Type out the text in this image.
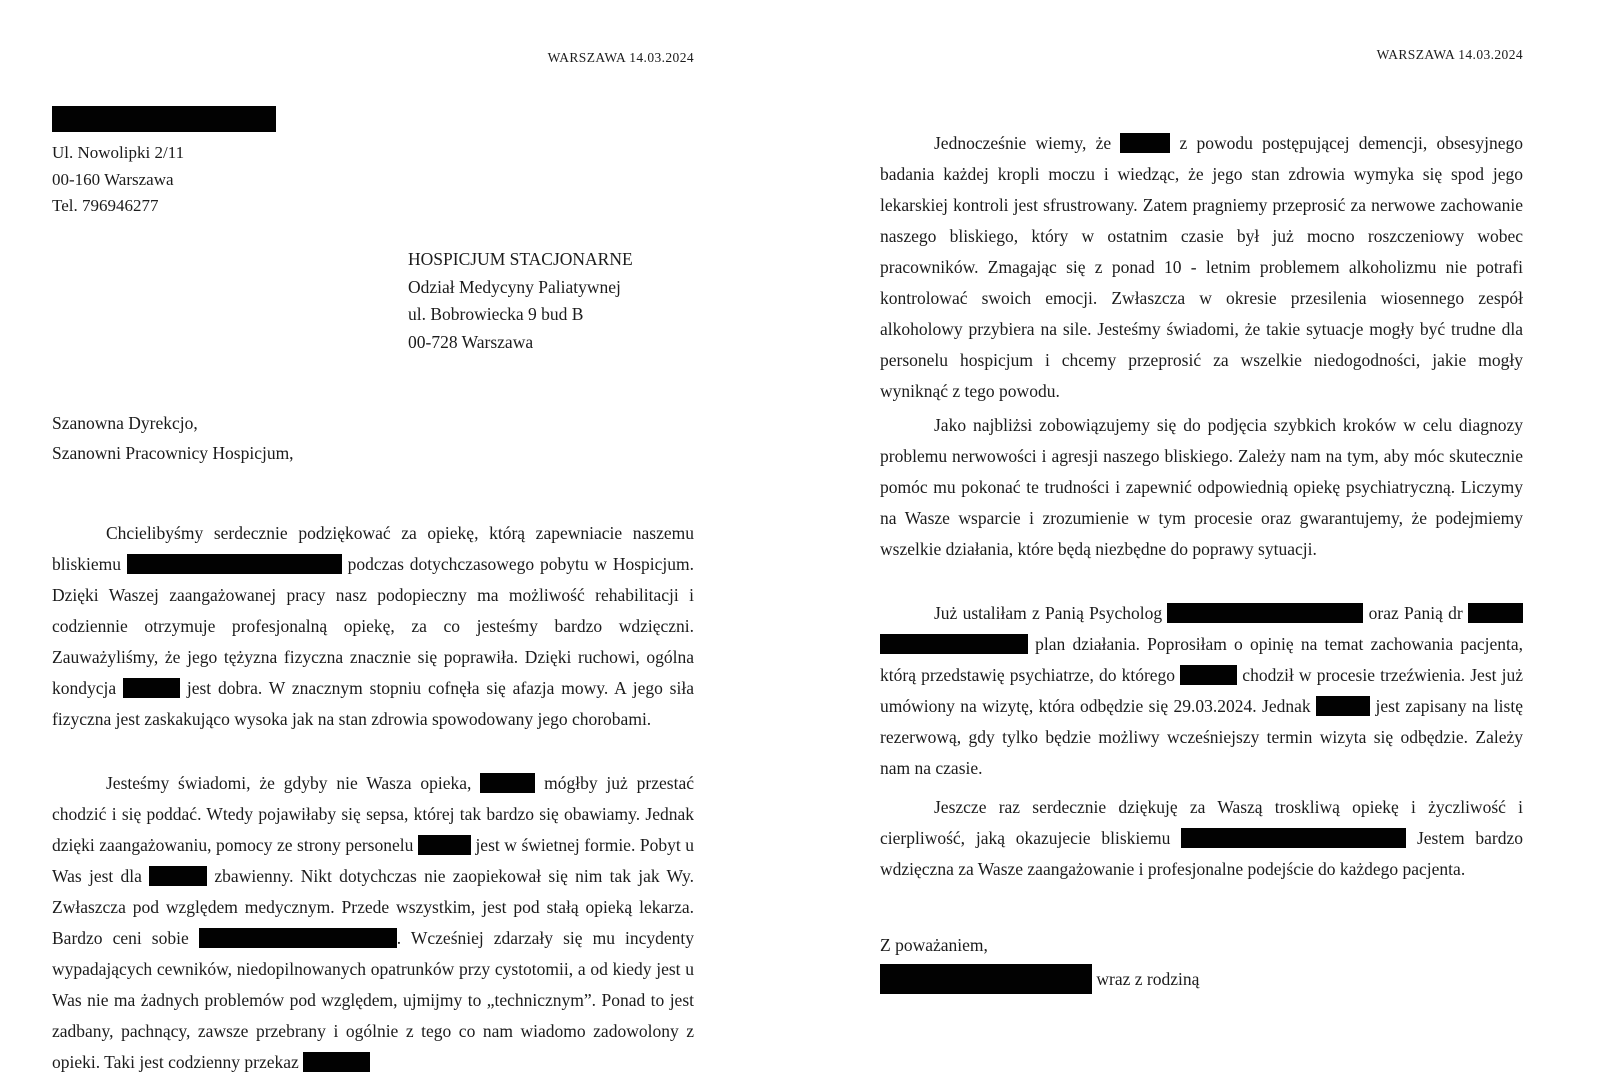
WARSZAWA 14.03.2024
Ul. Nowolipki 2/11
00-160 Warszawa
Tel. 796946277
HOSPICJUM STACJONARNE
Odział Medycyny Paliatywnej
ul. Bobrowiecka 9 bud B
00-728 Warszawa
Szanowna Dyrekcjo,
Szanowni Pracownicy Hospicjum,

Chcielibyśmy serdecznie podziękować za opiekę, którą zapewniacie naszemu bliskiemu	podczas dotychczasowego pobytu w Hospicjum. Dzięki Waszej zaangażowanej pracy nasz podopieczny ma możliwość rehabilitacji i codziennie otrzymuje profesjonalną opiekę, za co jesteśmy bardzo wdzięczni. Zauważyliśmy, że jego tężyzna fizyczna znacznie się poprawiła. Dzięki ruchowi, ogólna kondycja	jest dobra. W znacznym stopniu cofnęła się afazja mowy. A jego siła fizyczna jest zaskakująco wysoka jak na stan zdrowia spowodowany jego chorobami.

Jesteśmy świadomi, że gdyby nie Wasza opieka,	mógłby już przestać chodzić i się poddać. Wtedy pojawiłaby się sepsa, której tak bardzo się obawiamy. Jednak dzięki zaangażowaniu, pomocy ze strony personelu	jest w świetnej formie. Pobyt u Was jest dla	zbawienny. Nikt dotychczas nie zaopiekował się nim tak jak Wy. Zwłaszcza pod względem medycznym. Przede wszystkim, jest pod stałą opieką lekarza. Bardzo ceni sobie	. Wcześniej zdarzały się mu incydenty wypadających cewników, niedopilnowanych opatrunków przy cystotomii, a od kiedy jest u Was nie ma żadnych problemów pod względem, ujmijmy to „technicznym”. Ponad to jest zadbany, pachnący, zawsze przebrany i ogólnie z tego co nam wiadomo zadowolony z opieki. Taki jest codzienny przekaz

WARSZAWA 14.03.2024

Jednocześnie wiemy, że	z powodu postępującej demencji, obsesyjnego badania każdej kropli moczu i wiedząc, że jego stan zdrowia wymyka się spod jego lekarskiej kontroli jest sfrustrowany. Zatem pragniemy przeprosić za nerwowe zachowanie naszego bliskiego, który w ostatnim czasie był już mocno roszczeniowy wobec pracowników. Zmagając się z ponad 10 - letnim problemem alkoholizmu nie potrafi kontrolować swoich emocji. Zwłaszcza w okresie przesilenia wiosennego zespół alkoholowy przybiera na sile. Jesteśmy świadomi, że takie sytuacje mogły być trudne dla personelu hospicjum i chcemy przeprosić za wszelkie niedogodności, jakie mogły wyniknąć z tego powodu.

Jako najbliżsi zobowiązujemy się do podjęcia szybkich kroków w celu diagnozy problemu nerwowości i agresji naszego bliskiego. Zależy nam na tym, aby móc skutecznie pomóc mu pokonać te trudności i zapewnić odpowiednią opiekę psychiatryczną. Liczymy na Wasze wsparcie i zrozumienie w tym procesie oraz gwarantujemy, że podejmiemy wszelkie działania, które będą niezbędne do poprawy sytuacji.

Już ustaliłam z Panią Psycholog	oraz Panią dr   plan działania. Poprosiłam o opinię na temat zachowania pacjenta, którą przedstawię psychiatrze, do którego	chodził w procesie trzeźwienia. Jest już umówiony na wizytę, która odbędzie się 29.03.2024. Jednak	jest zapisany na listę rezerwową, gdy tylko będzie możliwy wcześniejszy termin wizyta się odbędzie. Zależy nam na czasie.

Jeszcze raz serdecznie dziękuję za Waszą troskliwą opiekę i życzliwość i cierpliwość, jaką okazujecie bliskiemu	Jestem bardzo wdzięczna za Wasze zaangażowanie i profesjonalne podejście do każdego pacjenta.

Z poważaniem,
wraz z rodziną
